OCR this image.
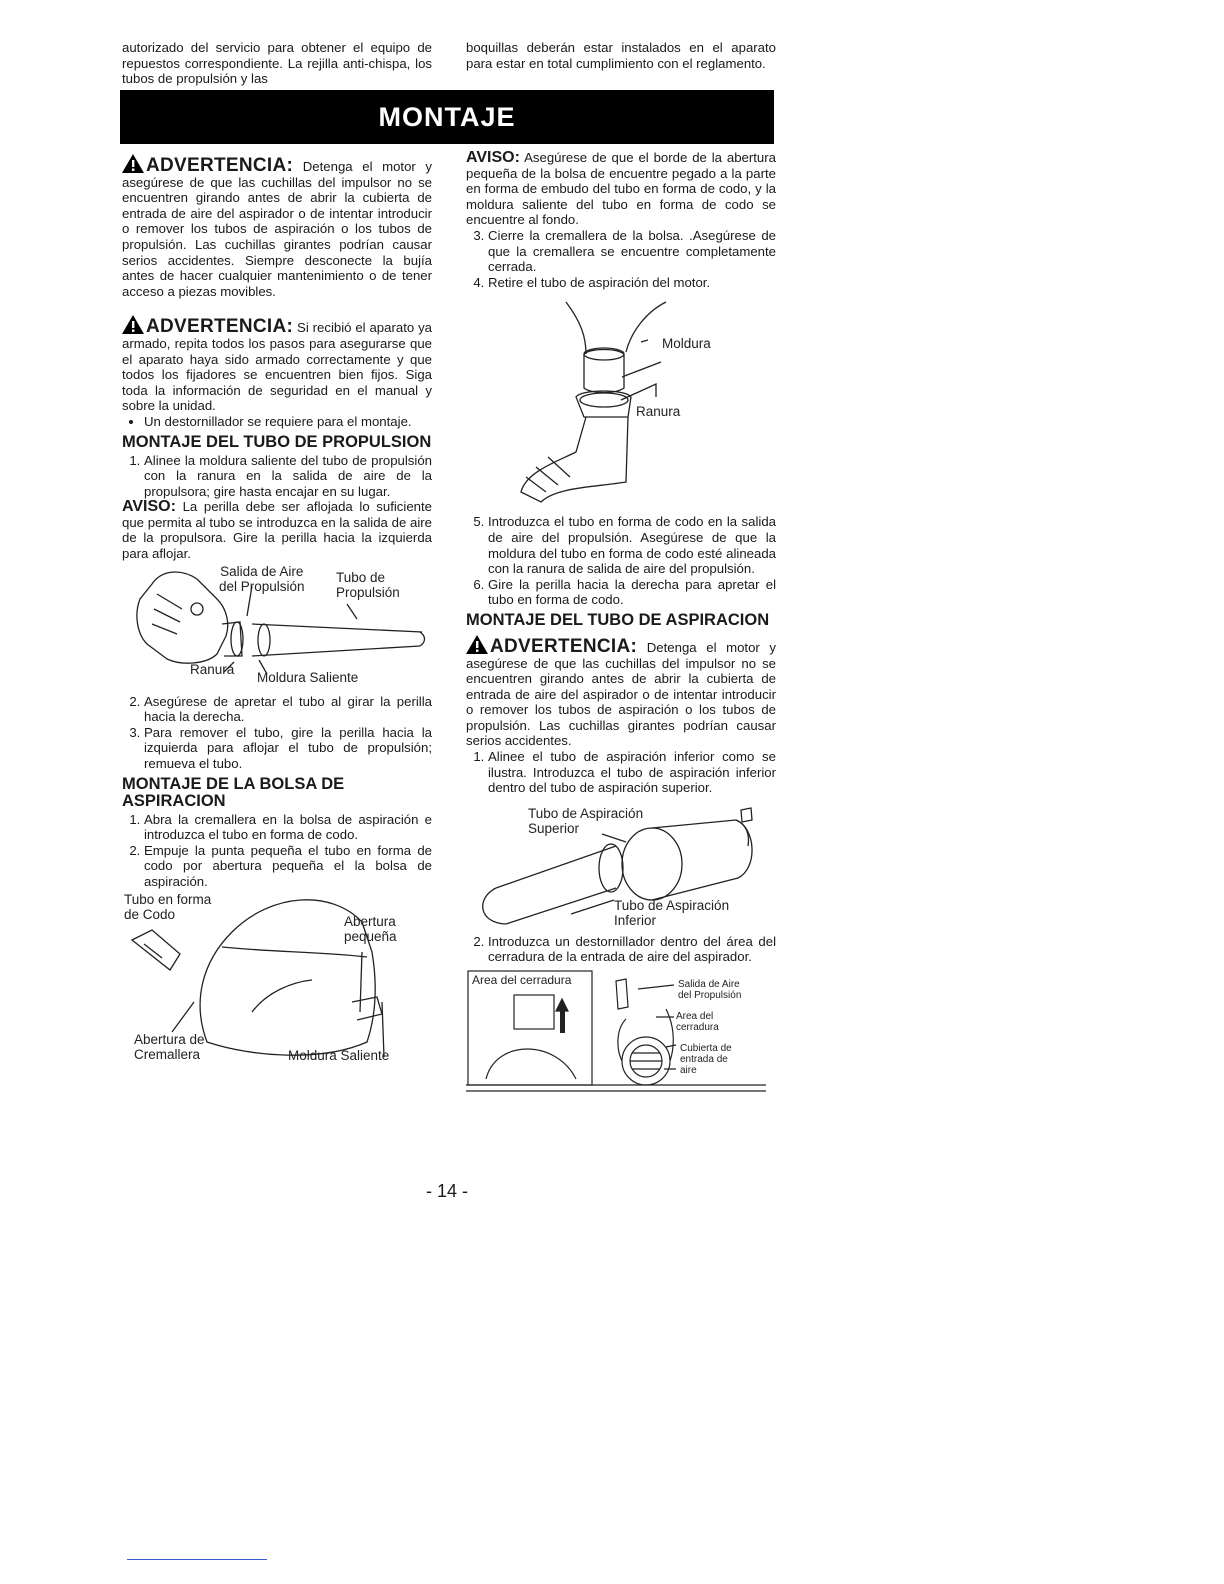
autorizado del servicio para obtener el equipo de repuestos correspondiente. La rejilla anti-chispa, los tubos de propulsión y las

boquillas deberán estar instalados en el aparato para estar en total cumplimiento con el reglamento.

MONTAJE

ADVERTENCIA: Detenga el motor y asegúrese de que las cuchillas del impulsor no se encuentren girando antes de abrir la cubierta de entrada de aire del aspirador o de intentar introducir o remover los tubos de aspiración o los tubos de propulsión. Las cuchillas girantes podrían causar serios accidentes. Siempre desconecte la bujía antes de hacer cualquier mantenimiento o de tener acceso a piezas movibles.

ADVERTENCIA: Si recibió el aparato ya armado, repita todos los pasos para asegurarse que el aparato haya sido armado correctamente y que todos los fijadores se encuentren bien fijos. Siga toda la información de seguridad en el manual y sobre la unidad.

• Un destornillador se requiere para el montaje.
MONTAJE DEL TUBO DE PROPULSION
1. Alinee la moldura saliente del tubo de propulsión con la ranura en la salida de aire de la propulsora; gire hasta encajar en su lugar.

AVISO: La perilla debe ser aflojada lo suficiente que permita al tubo se introduzca en la salida de aire de la propulsora. Gire la perilla hacia la izquierda para aflojar.

Salida de Aire
del Propulsión
Tubo de
Propulsión
Ranura
Moldura Saliente
2. Asegúrese de apretar el tubo al girar la perilla hacia la derecha.
3. Para remover el tubo, gire la perilla hacia la izquierda para aflojar el tubo de propulsión; remueva el tubo.
MONTAJE DE LA BOLSA DE ASPIRACION
1. Abra la cremallera en la bolsa de aspiración e introduzca el tubo en forma de codo.
2. Empuje la punta pequeña el tubo en forma de codo por abertura pequeña el la bolsa de aspiración.
Tubo en forma
de Codo	Abertura
pequeña
Abertura de
Cremallera	Moldura Saliente

AVISO: Asegúrese de que el borde de la abertura pequeña de la bolsa de encuentre pegado a la parte en forma de embudo del tubo en forma de codo, y la moldura saliente del tubo en forma de codo se encuentre al fondo.

3. Cierre la cremallera de la bolsa. .Asegúrese de que la cremallera se encuentre completamente cerrada.
4. Retire el tubo de aspiración del motor.
Moldura
Ranura
5. Introduzca el tubo en forma de codo en la salida de aire del propulsión. Asegúrese de que la moldura del tubo en forma de codo esté alineada con la ranura de salida de aire del propulsión.
6. Gire la perilla hacia la derecha para apretar el tubo en forma de codo.
MONTAJE DEL TUBO DE ASPIRACION

ADVERTENCIA: Detenga el motor y asegúrese de que las cuchillas del impulsor no se encuentren girando antes de abrir la cubierta de entrada de aire del aspirador o de intentar introducir o remover los tubos de aspiración o los tubos de propulsión. Las cuchillas girantes podrían causar serios accidentes.

1. Alinee el tubo de aspiración inferior como se ilustra. Introduzca el tubo de aspiración inferior dentro del tubo de aspiración superior.
Tubo de Aspiración
Superior
Tubo de Aspiración
Inferior
2. Introduzca un destornillador dentro del área del cerradura de la entrada de aire del aspirador.
Area del cerradura	Salida de Aire
del Propulsión
Area del
cerradura
Cubierta de
entrada de
aire
- 14 -
